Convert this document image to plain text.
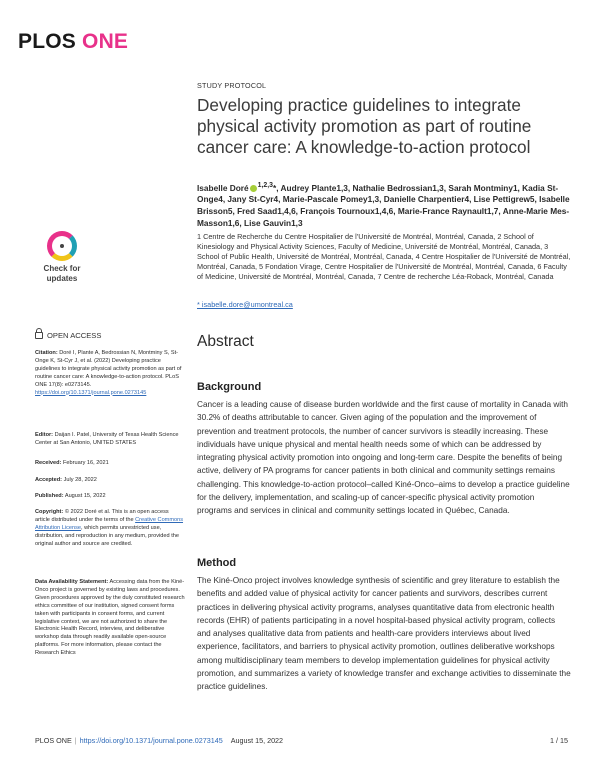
PLOS ONE
STUDY PROTOCOL
Developing practice guidelines to integrate physical activity promotion as part of routine cancer care: A knowledge-to-action protocol
Isabelle Doré $^{1,2,3}$*, Audrey Plante1,3, Nathalie Bedrossian1,3, Sarah Montminy1, Kadia St-Onge4, Jany St-Cyr4, Marie-Pascale Pomey1,3, Danielle Charpentier4, Lise Pettigrew5, Isabelle Brisson5, Fred Saad1,4,6, François Tournoux1,4,6, Marie-France Raynault1,7, Anne-Marie Mes-Masson1,6, Lise Gauvin1,3
1 Centre de Recherche du Centre Hospitalier de l'Université de Montréal, Montréal, Canada, 2 School of Kinesiology and Physical Activity Sciences, Faculty of Medicine, Université de Montréal, Montréal, Canada, 3 School of Public Health, Université de Montréal, Montréal, Canada, 4 Centre Hospitalier de l'Université de Montréal, Montréal, Canada, 5 Fondation Virage, Centre Hospitalier de l'Université de Montréal, Montréal, Canada, 6 Faculty of Medicine, Université de Montréal, Montréal, Canada, 7 Centre de recherche Léa-Roback, Montréal, Canada
* isabelle.dore@umontreal.ca
Abstract
Background
Cancer is a leading cause of disease burden worldwide and the first cause of mortality in Canada with 30.2% of deaths attributable to cancer. Given aging of the population and the improvement of prevention and treatment protocols, the number of cancer survivors is steadily increasing. These individuals have unique physical and mental health needs some of which can be addressed by integrating physical activity promotion into ongoing and long-term care. Despite the benefits of being active, delivery of PA programs for cancer patients in both clinical and community settings remains challenging. This knowledge-to-action protocol–called Kiné-Onco–aims to develop a practice guideline for the delivery, implementation, and scaling-up of cancer-specific physical activity promotion programs and services in clinical and community settings located in Québec, Canada.
Method
The Kiné-Onco project involves knowledge synthesis of scientific and grey literature to establish the benefits and added value of physical activity for cancer patients and survivors, describes current practices in delivering physical activity programs, analyses quantitative data from electronic health records (EHR) of patients participating in a novel hospital-based physical activity program, collects and analyses qualitative data from patients and health-care providers interviews about lived experience, facilitators, and barriers to physical activity promotion, outlines deliberative workshops among multidisciplinary team members to develop implementation guidelines for physical activity promotion, and summarizes a variety of knowledge transfer and exchange activities to disseminate the practice guidelines.
Check for
updates
OPEN ACCESS
Citation: Doré I, Plante A, Bedrossian N, Montminy S, St-Onge K, St-Cyr J, et al. (2022) Developing practice guidelines to integrate physical activity promotion as part of routine cancer care: A knowledge-to-action protocol. PLoS ONE 17(8): e0273145. https://doi.org/10.1371/journal.pone.0273145
Editor: Daijan I. Patel, University of Texas Health Science Center at San Antonio, UNITED STATES
Received: February 16, 2021
Accepted: July 28, 2022
Published: August 15, 2022
Copyright: © 2022 Doré et al. This is an open access article distributed under the terms of the Creative Commons Attribution License, which permits unrestricted use, distribution, and reproduction in any medium, provided the original author and source are credited.
Data Availability Statement: Accessing data from the Kiné-Onco project is governed by existing laws and procedures. Given procedures approved by the duly constituted research ethics committee of our institution, signed consent forms taken with participants in consent forms, and current legislative context, we are not authorized to share the Electronic Health Record, interview, and deliberative workshop data through readily available open-source platforms. For more information, please contact the Research Ethics
PLOS ONE | https://doi.org/10.1371/journal.pone.0273145 August 15, 2022	1 / 15
